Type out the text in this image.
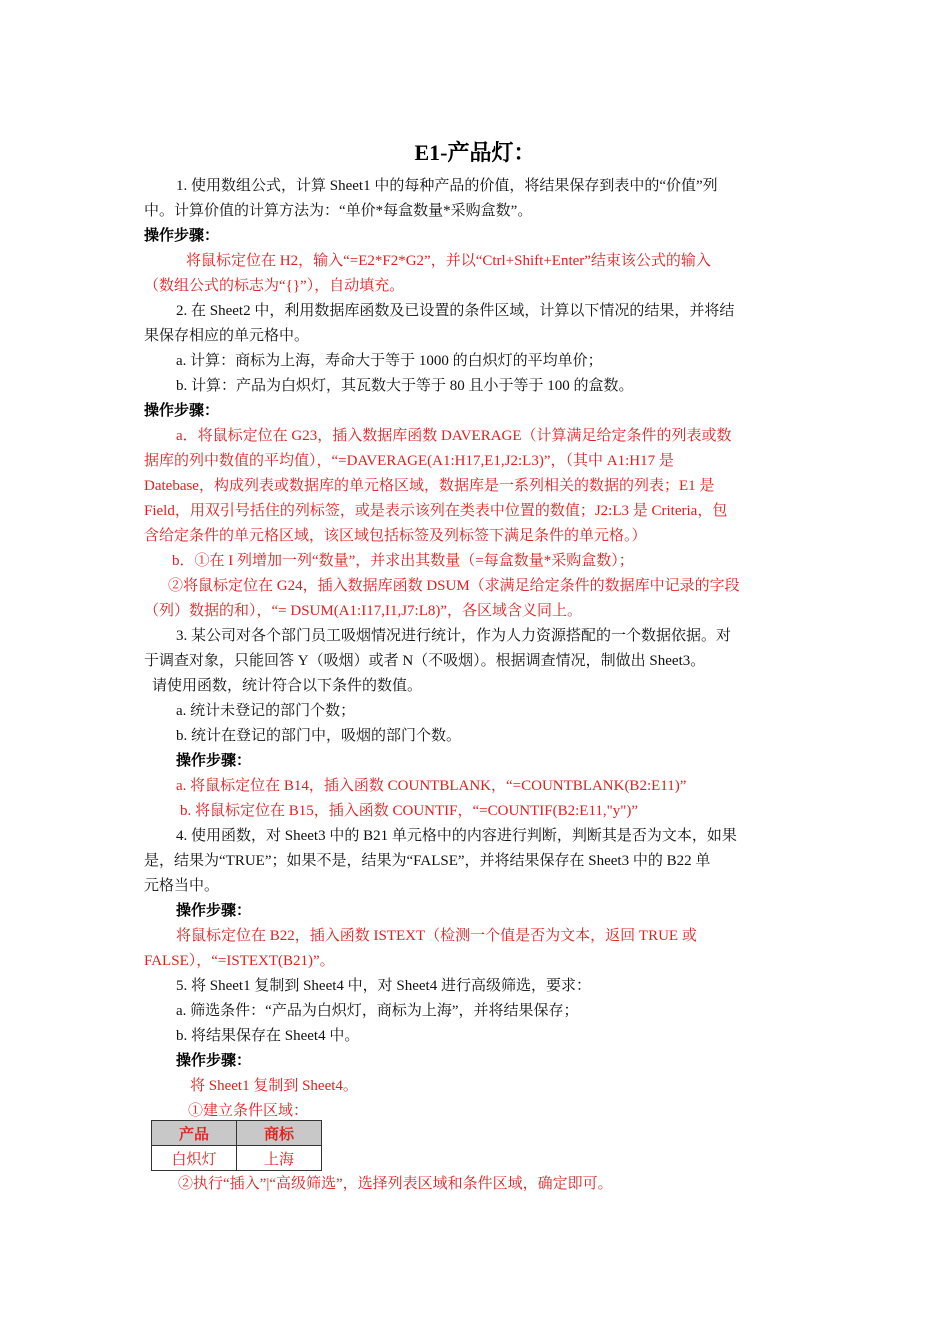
E1-产品灯：
1. 使用数组公式，计算 Sheet1 中的每种产品的价值，将结果保存到表中的“价值”列
中。计算价值的计算方法为：“单价*每盒数量*采购盒数”。
操作步骤：
将鼠标定位在 H2，输入“=E2*F2*G2”，并以“Ctrl+Shift+Enter”结束该公式的输入
（数组公式的标志为“{}”），自动填充。
2. 在 Sheet2 中，利用数据库函数及已设置的条件区域，计算以下情况的结果，并将结
果保存相应的单元格中。
a. 计算：商标为上海，寿命大于等于 1000 的白炽灯的平均单价；
b. 计算：产品为白炽灯，其瓦数大于等于 80 且小于等于 100 的盒数。
操作步骤：
a．将鼠标定位在 G23，插入数据库函数 DAVERAGE（计算满足给定条件的列表或数
据库的列中数值的平均值），“=DAVERAGE(A1:H17,E1,J2:L3)”，（其中 A1:H17 是
Datebase，构成列表或数据库的单元格区域，数据库是一系列相关的数据的列表；E1 是
Field，用双引号括住的列标签，或是表示该列在类表中位置的数值；J2:L3 是 Criteria，包
含给定条件的单元格区域，该区域包括标签及列标签下满足条件的单元格。）
b．①在 I 列增加一列“数量”，并求出其数量（=每盒数量*采购盒数）；
②将鼠标定位在 G24，插入数据库函数 DSUM（求满足给定条件的数据库中记录的字段
（列）数据的和），“= DSUM(A1:I17,I1,J7:L8)”，各区域含义同上。
3. 某公司对各个部门员工吸烟情况进行统计，作为人力资源搭配的一个数据依据。对
于调查对象，只能回答 Y（吸烟）或者 N（不吸烟）。根据调查情况，制做出 Sheet3。
请使用函数，统计符合以下条件的数值。
a. 统计未登记的部门个数；
b. 统计在登记的部门中，吸烟的部门个数。
操作步骤：
a. 将鼠标定位在 B14，插入函数 COUNTBLANK，“=COUNTBLANK(B2:E11)”
b. 将鼠标定位在 B15，插入函数 COUNTIF，“=COUNTIF(B2:E11,"y")”
4. 使用函数，对 Sheet3 中的 B21 单元格中的内容进行判断，判断其是否为文本，如果
是，结果为“TRUE”；如果不是，结果为“FALSE”，并将结果保存在 Sheet3 中的 B22 单
元格当中。
操作步骤：
将鼠标定位在 B22，插入函数 ISTEXT（检测一个值是否为文本，返回 TRUE 或
FALSE），“=ISTEXT(B21)”。
5. 将 Sheet1 复制到 Sheet4 中，对 Sheet4 进行高级筛选，要求：
a. 筛选条件：“产品为白炽灯，商标为上海”，并将结果保存；
b. 将结果保存在 Sheet4 中。
操作步骤：
将 Sheet1 复制到 Sheet4。
①建立条件区域：
产品	商标
白炽灯	上海
②执行“插入”|“高级筛选”，选择列表区域和条件区域，确定即可。
